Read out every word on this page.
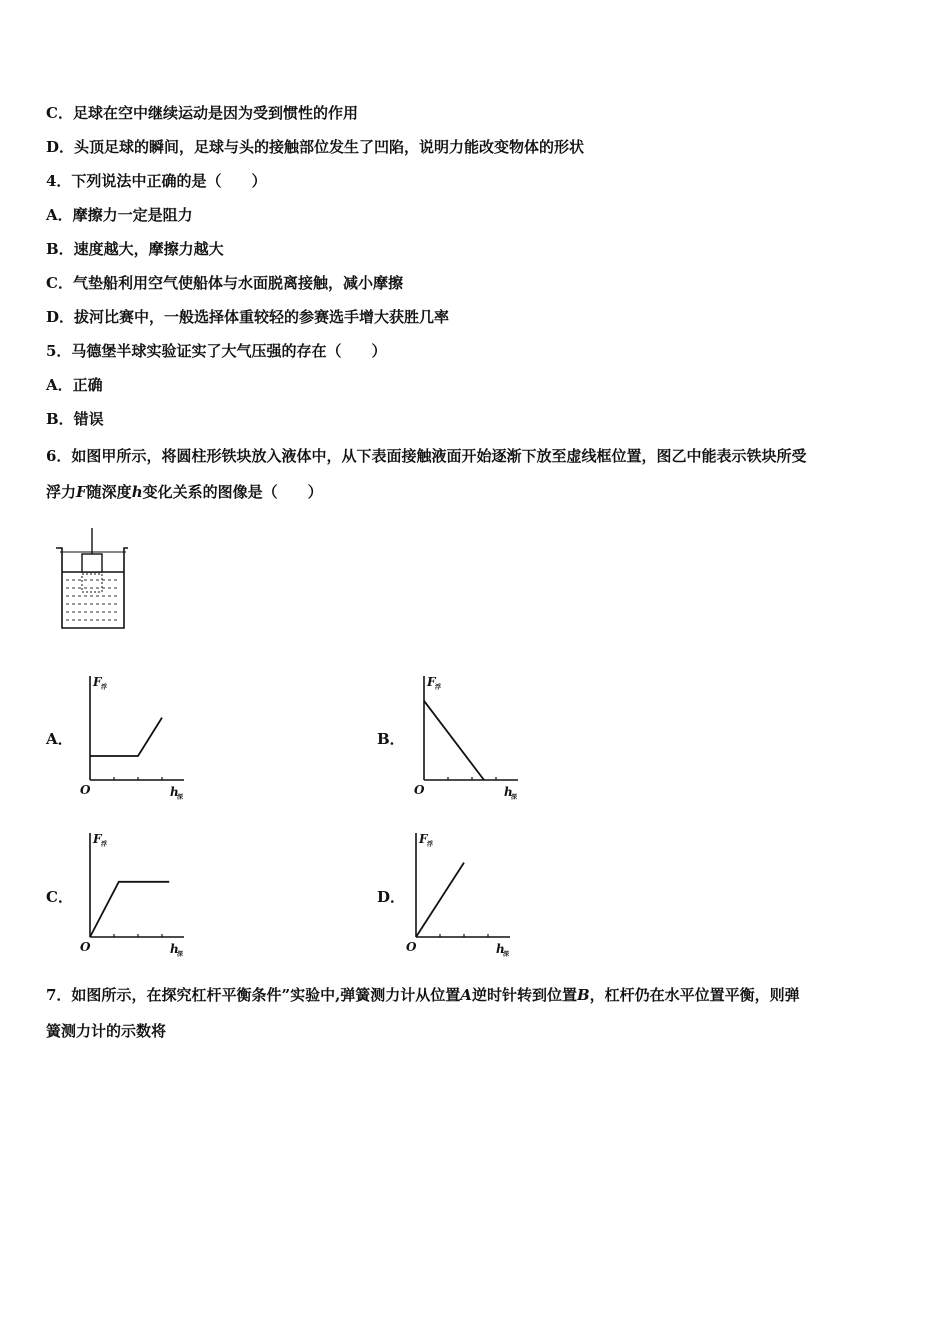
C．足球在空中继续运动是因为受到惯性的作用
D．头顶足球的瞬间，足球与头的接触部位发生了凹陷，说明力能改变物体的形状
4．下列说法中正确的是（　　）
A．摩擦力一定是阻力
B．速度越大，摩擦力越大
C．气垫船利用空气使船体与水面脱离接触，减小摩擦
D．拔河比赛中，一般选择体重较轻的参赛选手增大获胜几率
5．马德堡半球实验证实了大气压强的存在（　　）
A．正确
B．错误
6．如图甲所示，将圆柱形铁块放入液体中，从下表面接触液面开始逐渐下放至虚线框位置，图乙中能表示铁块所受
浮力F随深度h变化关系的图像是（　　）
A．	B．
C．	D．
F 浮
h
深
O
F 浮
h
深
O
F 浮
h
深
O
F 浮
h
深
O
7．如图所示，在探究杠杆平衡条件”实验中,弹簧测力计从位置A逆时针转到位置B，杠杆仍在水平位置平衡，则弹
簧测力计的示数将
